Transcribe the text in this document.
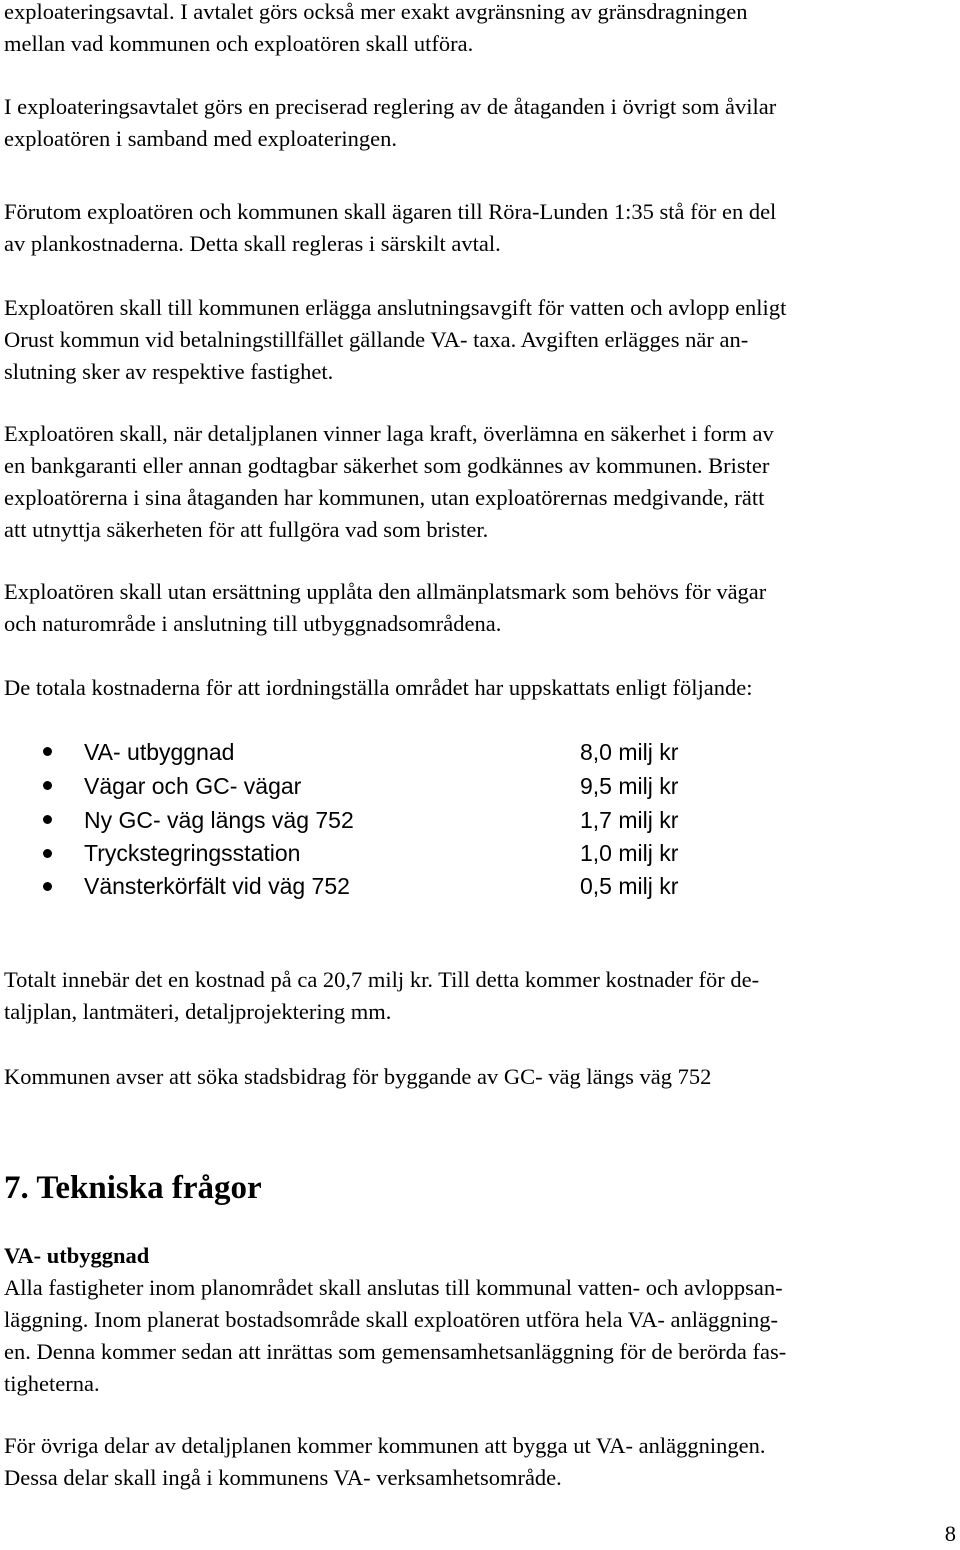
exploateringsavtal. I avtalet görs också mer exakt avgränsning av gränsdragningen

mellan vad kommunen och exploatören skall utföra.

I exploateringsavtalet görs en preciserad reglering av de åtaganden i övrigt som åvilar

exploatören i samband med exploateringen.

Förutom exploatören och kommunen skall ägaren till Röra-Lunden 1:35 stå för en del

av plankostnaderna. Detta skall regleras i särskilt avtal.

Exploatören skall till kommunen erlägga anslutningsavgift för vatten och avlopp enligt

Orust kommun vid betalningstillfället gällande VA- taxa. Avgiften erlägges när an-

slutning sker av respektive fastighet.

Exploatören skall, när detaljplanen vinner laga kraft, överlämna en säkerhet i form av

en bankgaranti eller annan godtagbar säkerhet som godkännes av kommunen. Brister

exploatörerna i sina åtaganden har kommunen, utan exploatörernas medgivande, rätt

att utnyttja säkerheten för att fullgöra vad som brister.

Exploatören skall utan ersättning upplåta den allmänplatsmark som behövs för vägar

och naturområde i anslutning till utbyggnadsområdena.

De totala kostnaderna för att iordningställa området har uppskattats enligt följande:

VA- utbyggnad	8,0 milj kr
Vägar och GC- vägar	9,5 milj kr
Ny GC- väg längs väg 752	1,7 milj kr
Tryckstegringsstation	1,0 milj kr
Vänsterkörfält vid väg 752	0,5 milj kr

Totalt innebär det en kostnad på ca 20,7 milj kr. Till detta kommer kostnader för de-

taljplan, lantmäteri, detaljprojektering mm.

Kommunen avser att söka stadsbidrag för byggande av GC- väg längs väg 752

7. Tekniska frågor
VA- utbyggnad

Alla fastigheter inom planområdet skall anslutas till kommunal vatten- och avloppsan-

läggning. Inom planerat bostadsområde skall exploatören utföra hela VA- anläggning-

en. Denna kommer sedan att inrättas som gemensamhetsanläggning för de berörda fas-

tigheterna.

För övriga delar av detaljplanen kommer kommunen att bygga ut VA- anläggningen.

Dessa delar skall ingå i kommunens VA- verksamhetsområde.

8
